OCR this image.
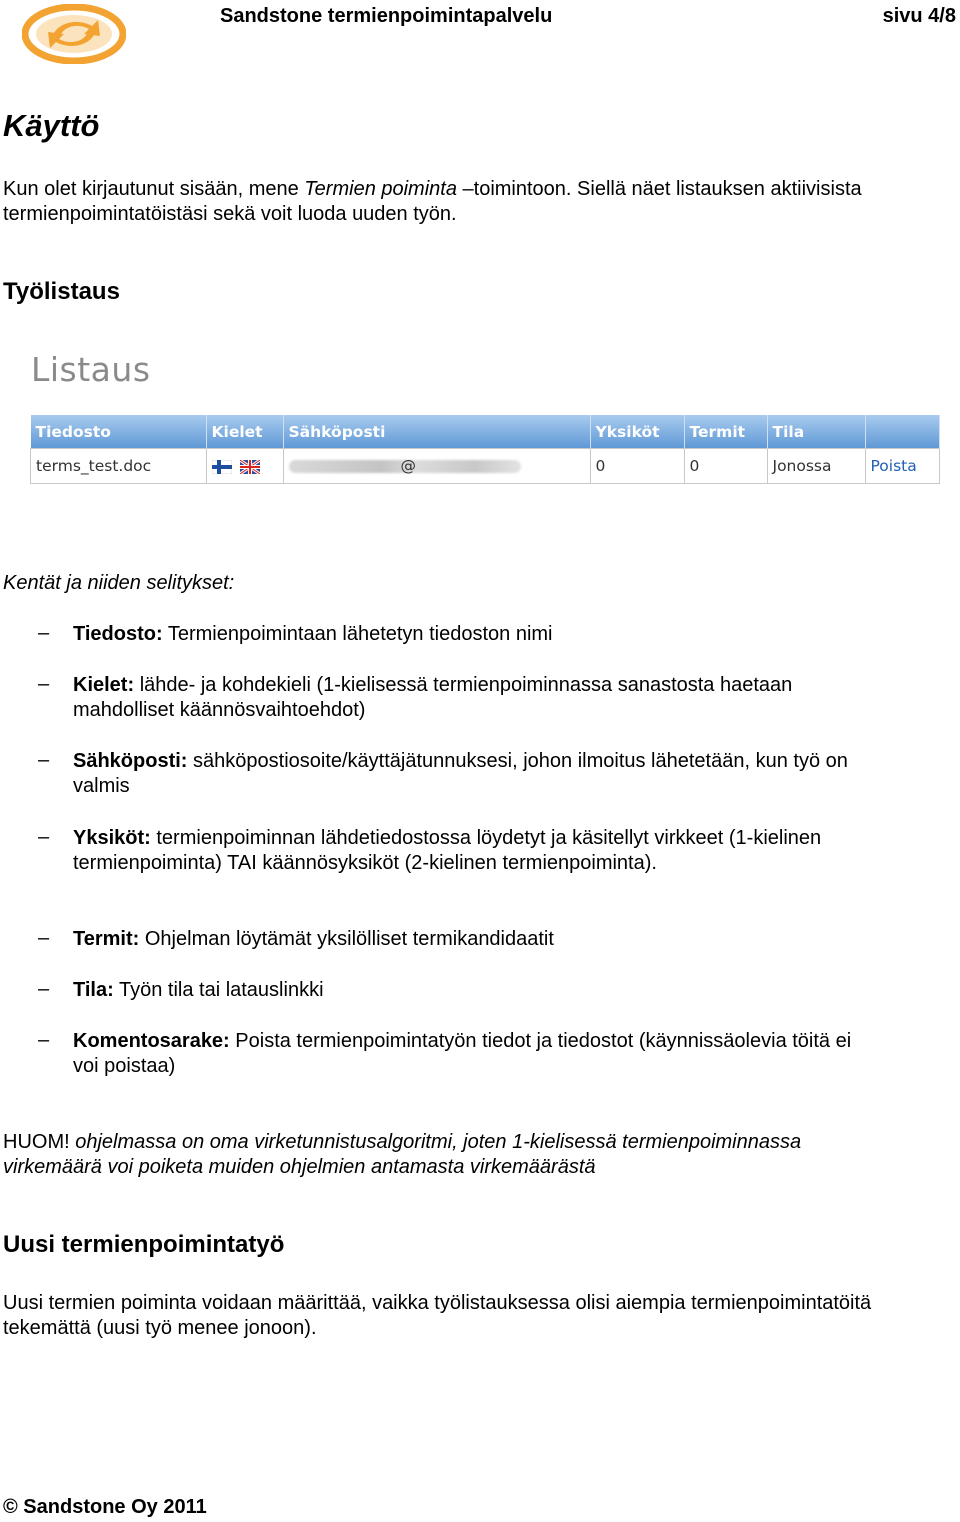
Sandstone termienpoimintapalvelu	sivu 4/8
Käyttö

Kun olet kirjautunut sisään, mene Termien poiminta –toimintoon. Siellä näet listauksen aktiivisista
termienpoimintatöistäsi sekä voit luoda uuden työn.

Työlistaus
Listaus
Tiedosto	Kielet	Sähköposti	Yksiköt	Termit	Tila	
terms_test.doc		@	0	0	Jonossa	Poista

Kentät ja niiden selitykset:

– Tiedosto: Termienpoimintaan lähetetyn tiedoston nimi

– Kielet: lähde- ja kohdekieli (1-kielisessä termienpoiminnassa sanastosta haetaan
mahdolliset käännösvaihtoehdot)

– Sähköposti: sähköpostiosoite/käyttäjätunnuksesi, johon ilmoitus lähetetään, kun työ on
valmis

– Yksiköt: termienpoiminnan lähdetiedostossa löydetyt ja käsitellyt virkkeet (1-kielinen
termienpoiminta) TAI käännösyksiköt (2-kielinen termienpoiminta).

– Termit: Ohjelman löytämät yksilölliset termikandidaatit

– Tila: Työn tila tai latauslinkki

– Komentosarake: Poista termienpoimintatyön tiedot ja tiedostot (käynnissäolevia töitä ei
voi poistaa)

HUOM! ohjelmassa on oma virketunnistusalgoritmi, joten 1-kielisessä termienpoiminnassa
virkemäärä voi poiketa muiden ohjelmien antamasta virkemäärästä

Uusi termienpoimintatyö

Uusi termien poiminta voidaan määrittää, vaikka työlistauksessa olisi aiempia termienpoimintatöitä
tekemättä (uusi työ menee jonoon).

© Sandstone Oy 2011
